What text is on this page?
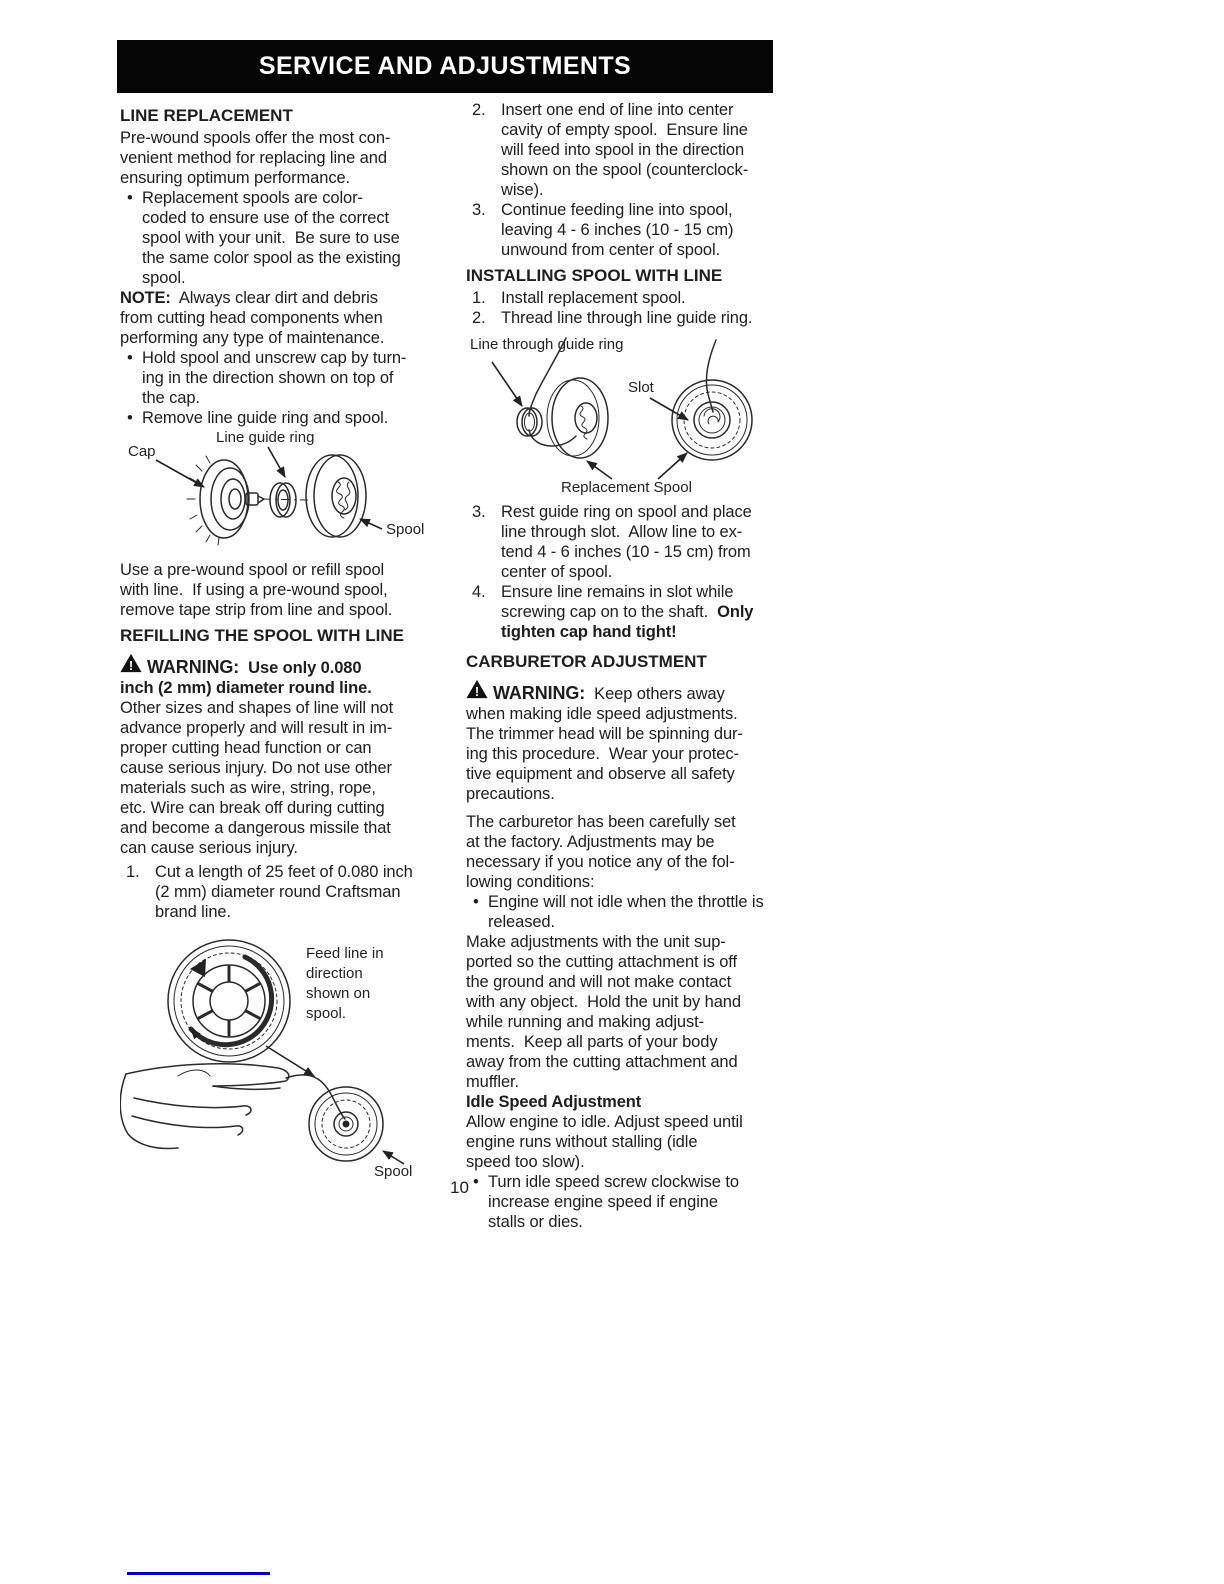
SERVICE AND ADJUSTMENTS
LINE REPLACEMENT
Pre-wound spools offer the most con-
venient method for replacing line and
ensuring optimum performance.
• Replacement spools are color-
coded to ensure use of the correct
spool with your unit.  Be sure to use
the same color spool as the existing
spool.
NOTE:  Always clear dirt and debris
from cutting head components when
performing any type of maintenance.
• Hold spool and unscrew cap by turn-
ing in the direction shown on top of
the cap.
• Remove line guide ring and spool.
Cap
Line guide ring
Spool
Use a pre-wound spool or refill spool
with line.  If using a pre-wound spool,
remove tape strip from line and spool.
REFILLING THE SPOOL WITH LINE
! WARNING:  Use only 0.080
inch (2 mm) diameter round line.
Other sizes and shapes of line will not
advance properly and will result in im-
proper cutting head function or can
cause serious injury. Do not use other
materials such as wire, string, rope,
etc. Wire can break off during cutting
and become a dangerous missile that
can cause serious injury.
1. Cut a length of 25 feet of 0.080 inch
(2 mm) diameter round Craftsman
brand line.
Feed line in
direction
shown on
spool.
Spool
2. Insert one end of line into center
cavity of empty spool.  Ensure line
will feed into spool in the direction
shown on the spool (counterclock-
wise).
3. Continue feeding line into spool,
leaving 4 - 6 inches (10 - 15 cm)
unwound from center of spool.
INSTALLING SPOOL WITH LINE
1. Install replacement spool.
2. Thread line through line guide ring.
Line through guide ring
Slot
Replacement Spool
3. Rest guide ring on spool and place
line through slot.  Allow line to ex-
tend 4 - 6 inches (10 - 15 cm) from
center of spool.
4. Ensure line remains in slot while
screwing cap on to the shaft.  Only
tighten cap hand tight!
CARBURETOR ADJUSTMENT
! WARNING:  Keep others away
when making idle speed adjustments.
The trimmer head will be spinning dur-
ing this procedure.  Wear your protec-
tive equipment and observe all safety
precautions.
The carburetor has been carefully set
at the factory. Adjustments may be
necessary if you notice any of the fol-
lowing conditions:
• Engine will not idle when the throttle is
released.
Make adjustments with the unit sup-
ported so the cutting attachment is off
the ground and will not make contact
with any object.  Hold the unit by hand
while running and making adjust-
ments.  Keep all parts of your body
away from the cutting attachment and
muffler.
Idle Speed Adjustment
Allow engine to idle. Adjust speed until
engine runs without stalling (idle
speed too slow).
• Turn idle speed screw clockwise to
increase engine speed if engine
stalls or dies.
10
